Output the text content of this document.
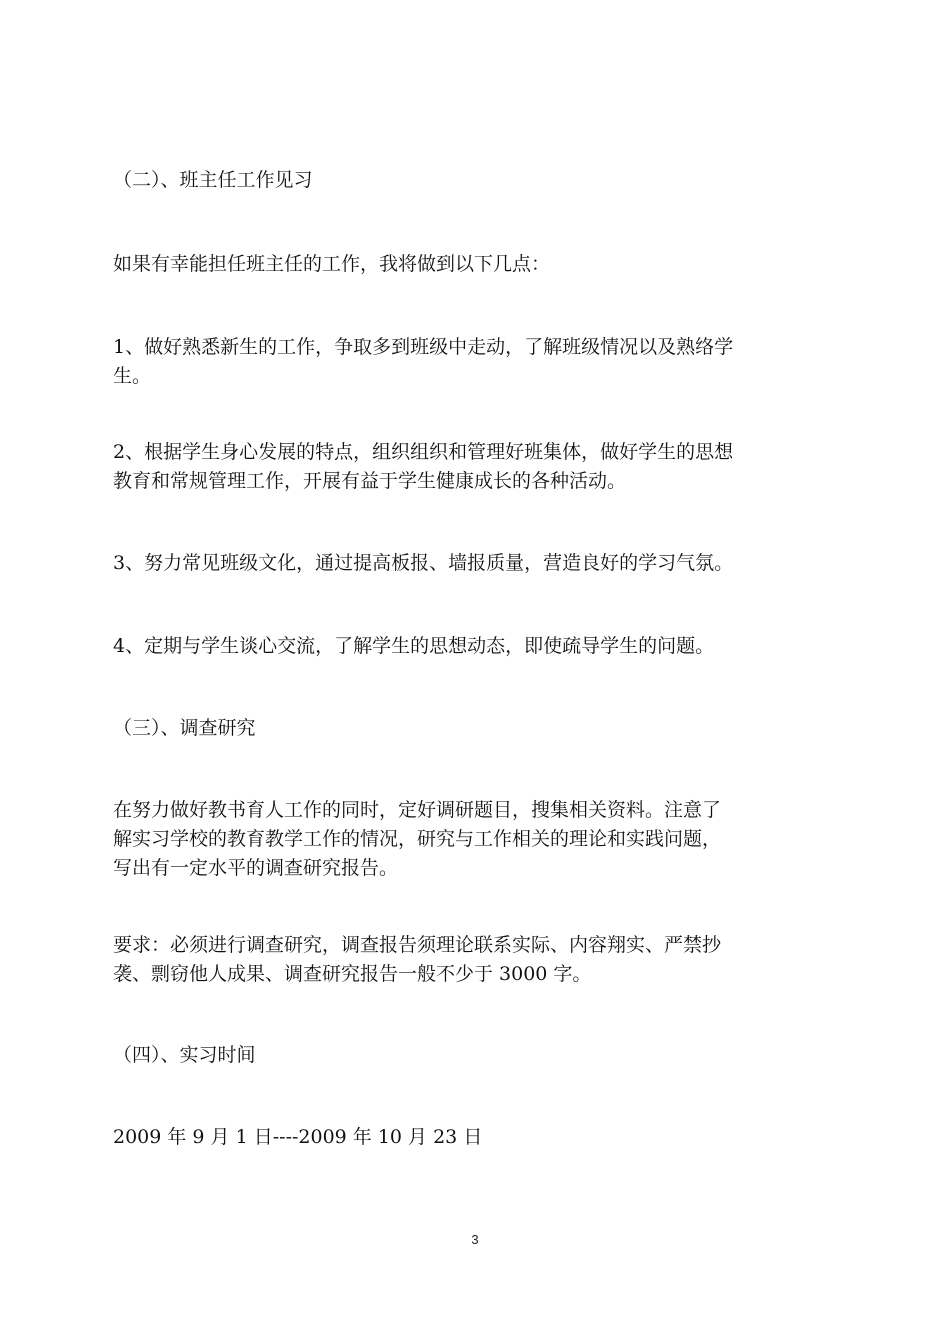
（二）、班主任工作见习

如果有幸能担任班主任的工作，我将做到以下几点：

1、做好熟悉新生的工作，争取多到班级中走动，了解班级情况以及熟络学
生。

2、根据学生身心发展的特点，组织组织和管理好班集体，做好学生的思想
教育和常规管理工作，开展有益于学生健康成长的各种活动。

3、努力常见班级文化，通过提高板报、墙报质量，营造良好的学习气氛。

4、定期与学生谈心交流，了解学生的思想动态，即使疏导学生的问题。

（三）、调查研究

在努力做好教书育人工作的同时，定好调研题目，搜集相关资料。注意了
解实习学校的教育教学工作的情况，研究与工作相关的理论和实践问题，
写出有一定水平的调查研究报告。

要求：必须进行调查研究，调查报告须理论联系实际、内容翔实、严禁抄
袭、剽窃他人成果、调查研究报告一般不少于 3000 字。

（四）、实习时间

2009 年 9 月 1 日----2009 年 10 月 23 日

3
